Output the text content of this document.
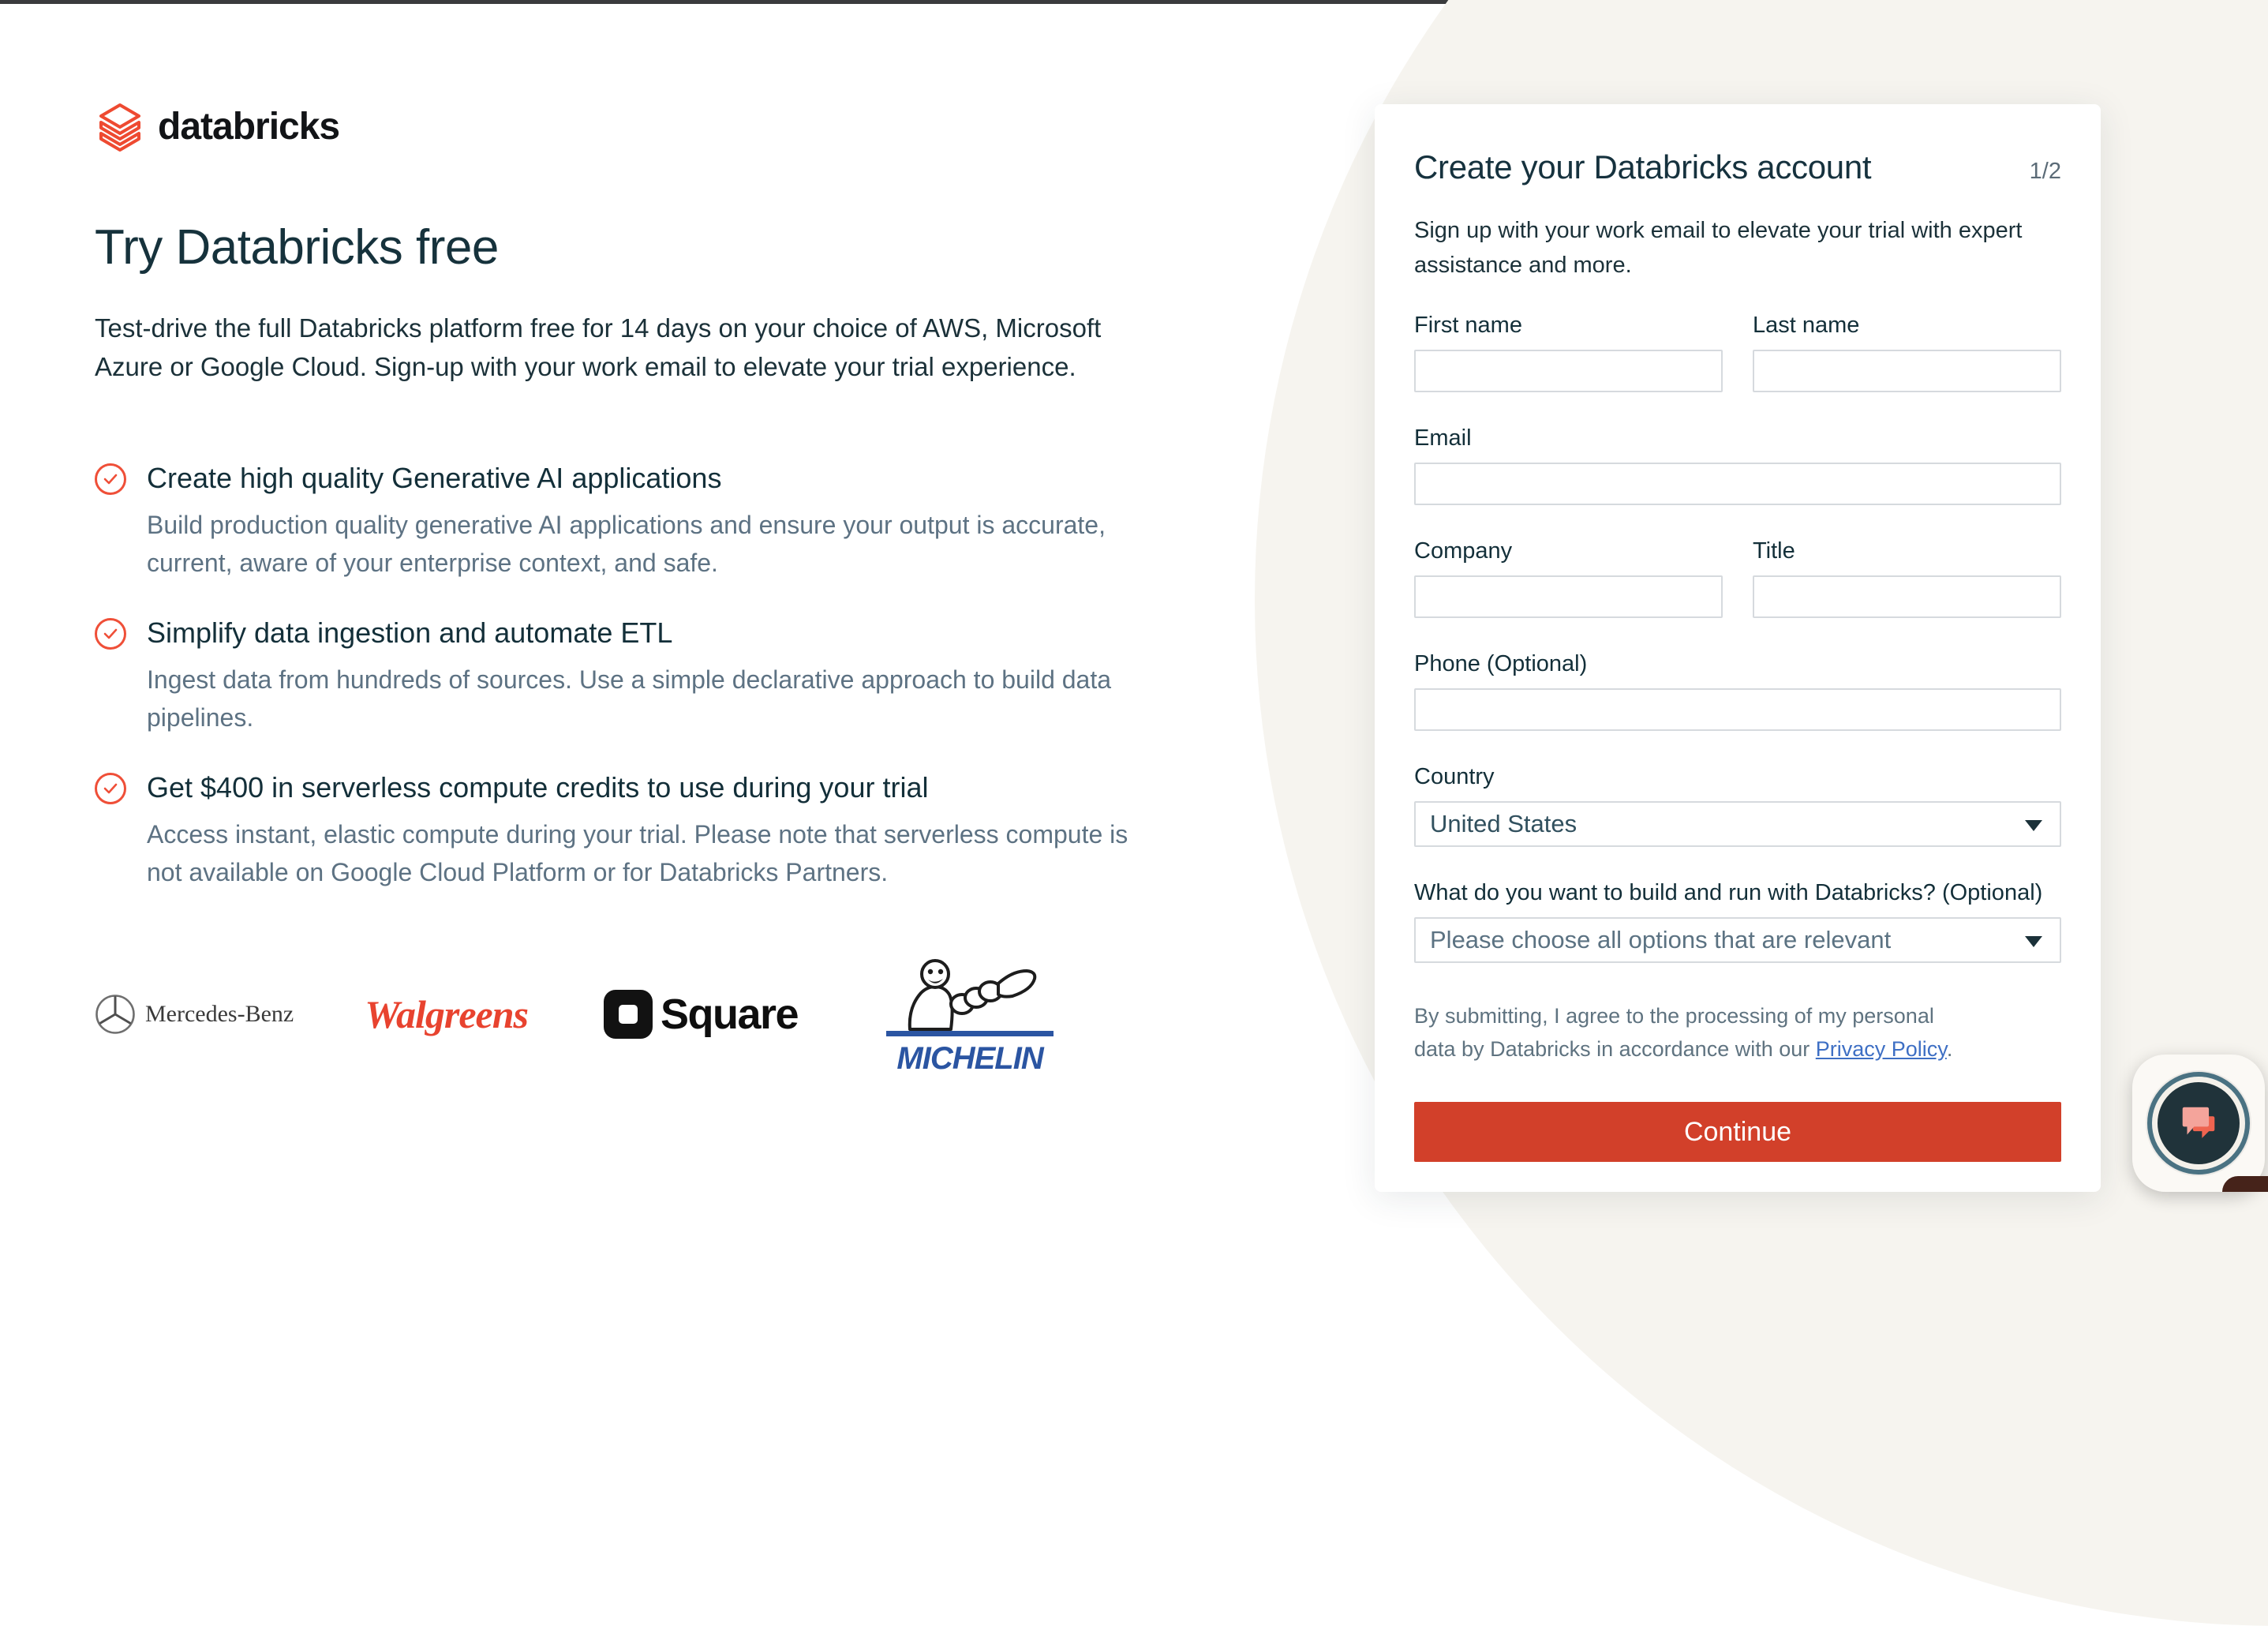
databricks
Try Databricks free

Test-drive the full Databricks platform free for 14 days on your choice of AWS, Microsoft Azure or Google Cloud. Sign-up with your work email to elevate your trial experience.

Create high quality Generative AI applications
Build production quality generative AI applications and ensure your output is accurate, current, aware of your enterprise context, and safe.
Simplify data ingestion and automate ETL
Ingest data from hundreds of sources. Use a simple declarative approach to build data pipelines.
Get $400 in serverless compute credits to use during your trial
Access instant, elastic compute during your trial. Please note that serverless compute is not available on Google Cloud Platform or for Databricks Partners.
Mercedes-Benz Walgreens	Square
MICHELIN
Create your Databricks account	1/2
Sign up with your work email to elevate your trial with expert assistance and more.
First name	Last name
Email
Company	Title
Phone (Optional)
Country
United States
What do you want to build and run with Databricks? (Optional)
Please choose all options that are relevant
By submitting, I agree to the processing of my personal data by Databricks in accordance with our Privacy Policy.
Continue
